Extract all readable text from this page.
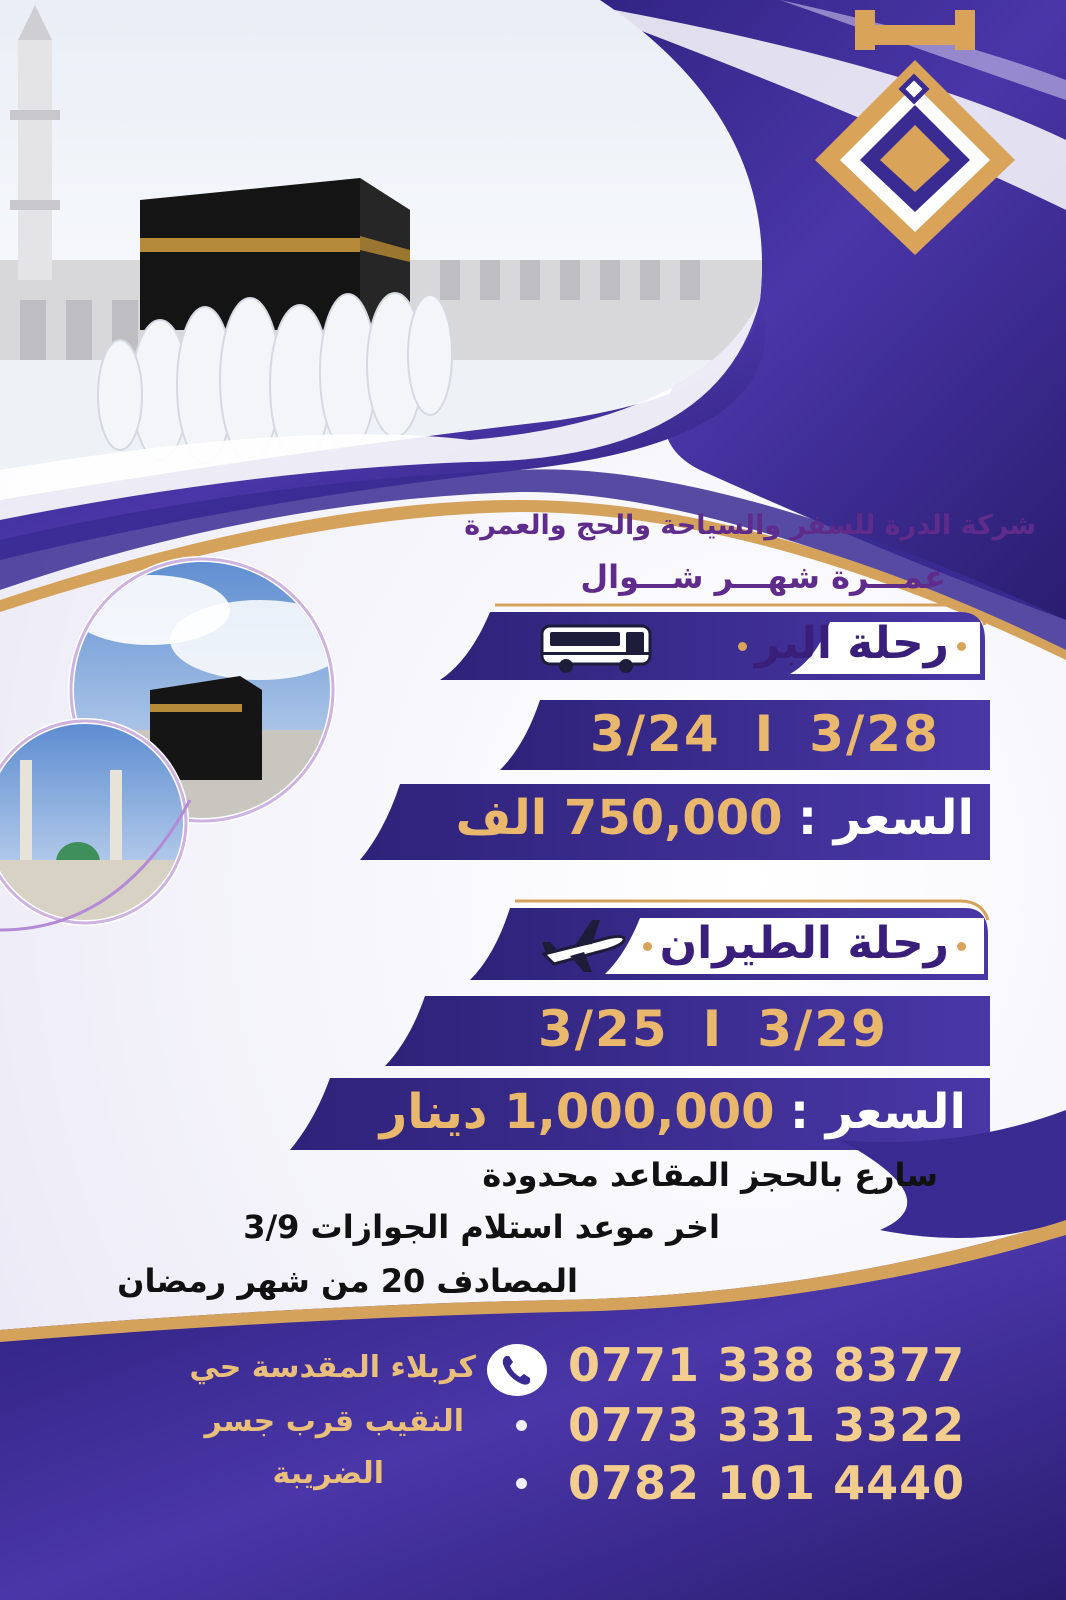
شركة الدرة للسفر والسياحة والحج والعمرة
عمـــرة شهـــر شـــوال
رحلة البر
3/24 I 3/28
السعر : 750,000 الف
رحلة الطيران
3/25 I 3/29
السعر : 1,000,000 دينار
سارع بالحجز المقاعد محدودة
اخر موعد استلام الجوازات 3/9
المصادف 20 من شهر رمضان
0771 338 8377
0773 331 3322
0782 101 4440
كربلاء المقدسة حي
النقيب قرب جسر
الضريبة
